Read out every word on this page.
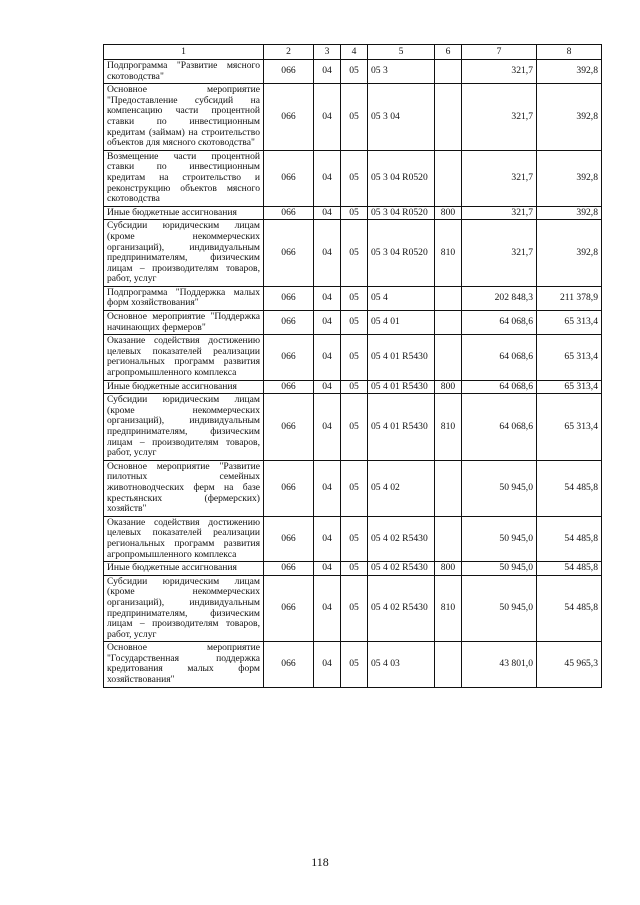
1	2	3	4	5	6	7	8
Подпрограмма "Развитие мясного скотоводства"	066	04	05	05 3		321,7	392,8
Основное мероприятие "Предоставление субсидий на компенсацию части процентной ставки по инвестиционным кредитам (займам) на строительство объектов для мясного скотоводства"	066	04	05	05 3 04		321,7	392,8
Возмещение части процентной ставки по инвестиционным кредитам на строительство и реконструкцию объектов мясного скотоводства	066	04	05	05 3 04 R0520		321,7	392,8
Иные бюджетные ассигнования	066	04	05	05 3 04 R0520	800	321,7	392,8
Субсидии юридическим лицам (кроме некоммерческих организаций), индивидуальным предпринимателям, физическим лицам – производителям товаров, работ, услуг	066	04	05	05 3 04 R0520	810	321,7	392,8
Подпрограмма "Поддержка малых форм хозяйствования"	066	04	05	05 4		202 848,3	211 378,9
Основное мероприятие "Поддержка начинающих фермеров"	066	04	05	05 4 01		64 068,6	65 313,4
Оказание содействия достижению целевых показателей реализации региональных программ развития агропромышленного комплекса	066	04	05	05 4 01 R5430		64 068,6	65 313,4
Иные бюджетные ассигнования	066	04	05	05 4 01 R5430	800	64 068,6	65 313,4
Субсидии юридическим лицам (кроме некоммерческих организаций), индивидуальным предпринимателям, физическим лицам – производителям товаров, работ, услуг	066	04	05	05 4 01 R5430	810	64 068,6	65 313,4
Основное мероприятие "Развитие пилотных семейных животноводческих ферм на базе крестьянских (фермерских) хозяйств"	066	04	05	05 4 02		50 945,0	54 485,8
Оказание содействия достижению целевых показателей реализации региональных программ развития агропромышленного комплекса	066	04	05	05 4 02 R5430		50 945,0	54 485,8
Иные бюджетные ассигнования	066	04	05	05 4 02 R5430	800	50 945,0	54 485,8
Субсидии юридическим лицам (кроме некоммерческих организаций), индивидуальным предпринимателям, физическим лицам – производителям товаров, работ, услуг	066	04	05	05 4 02 R5430	810	50 945,0	54 485,8
Основное мероприятие "Государственная поддержка кредитования малых форм хозяйствования"	066	04	05	05 4 03		43 801,0	45 965,3
118
